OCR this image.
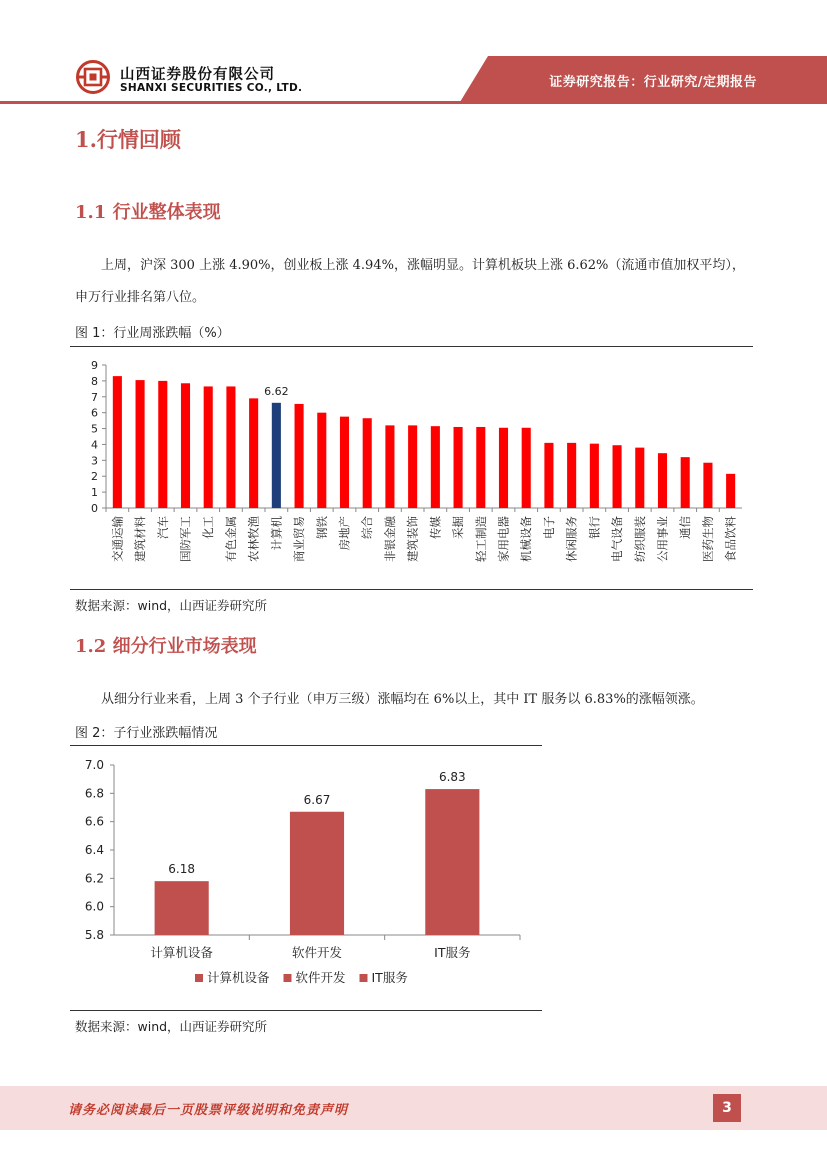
证券研究报告：行业研究/定期报告
山西证券股份有限公司
SHANXI SECURITIES CO., LTD.
1.行情回顾
1.1 行业整体表现
上周，沪深 300 上涨 4.90%，创业板上涨 4.94%，涨幅明显。计算机板块上涨 6.62%（流通市值加权平均），申万行业排名第八位。
图 1：行业周涨跌幅（%）
0
1
2
3
4
5
6
7
8
9
交通运输 建筑材料 汽车 国防军工 化工 有色金属 农林牧渔 计算机 商业贸易 钢铁 房地产 综合 非银金融 建筑装饰 传媒 采掘 轻工制造 家用电器 机械设备 电子 休闲服务 银行 电气设备 纺织服装 公用事业 通信 医药生物 食品饮料
6.62
数据来源：wind，山西证券研究所
1.2 细分行业市场表现
从细分行业来看，上周 3 个子行业（申万三级）涨幅均在 6%以上，其中 IT 服务以 6.83%的涨幅领涨。
图 2：子行业涨跌幅情况
5.8
6.0
6.2
6.4
6.6
6.8
7.0
计算机设备
6.18
软件开发
6.67
IT服务
6.83
计算机设备 软件开发 IT服务
数据来源：wind，山西证券研究所
请务必阅读最后一页股票评级说明和免责声明	3
